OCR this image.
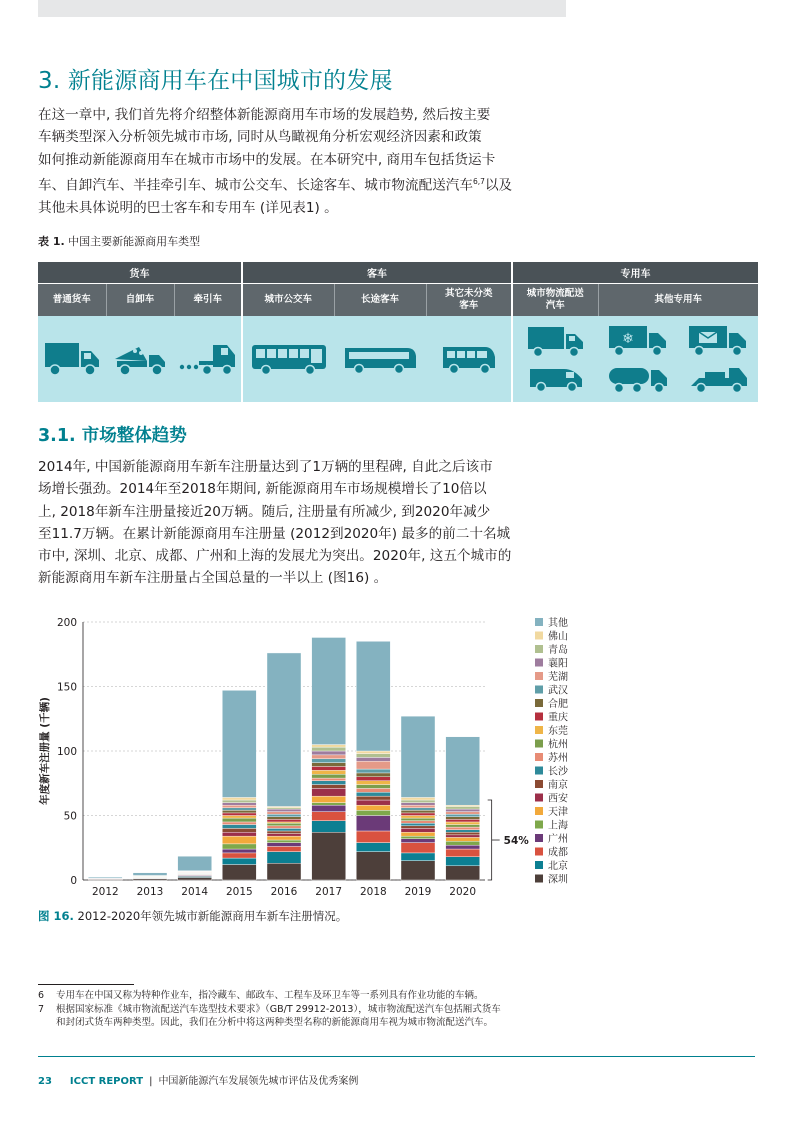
3. 新能源商用车在中国城市的发展
在这一章中, 我们首先将介绍整体新能源商用车市场的发展趋势, 然后按主要
车辆类型深入分析领先城市市场, 同时从鸟瞰视角分析宏观经济因素和政策
如何推动新能源商用车在城市市场中的发展。在本研究中, 商用车包括货运卡
车、自卸汽车、半挂牵引车、城市公交车、长途客车、城市物流配送汽车$^{6,7}$以及
其他未具体说明的巴士客车和专用车 (详见表1) 。
表 1. 中国主要新能源商用车类型
货车			客车			专用车	
普通货车	自卸车	牵引车	城市公交车	长途客车	其它未分类客车	城市物流配送汽车	其他专用车

❄
3.1. 市场整体趋势
2014年, 中国新能源商用车新车注册量达到了1万辆的里程碑, 自此之后该市
场增长强劲。2014年至2018年期间, 新能源商用车市场规模增长了10倍以
上, 2018年新车注册量接近20万辆。随后, 注册量有所减少, 到2020年减少
至11.7万辆。在累计新能源商用车注册量 (2012到2020年) 最多的前二十名城
市中, 深圳、北京、成都、广州和上海的发展尤为突出。2020年, 这五个城市的
新能源商用车新车注册量占全国总量的一半以上 (图16) 。
0
50
100
150
200
年度新车注册量 (千辆)
2012 2013 2014 2015 2016 2017 2018 2019 2020
54%
其他
佛山
青岛
襄阳
芜湖
武汉
合肥
重庆
东莞
杭州
苏州
长沙
南京
西安
天津
上海
广州
成都
北京
深圳
图 16. 2012-2020年领先城市新能源商用车新车注册情况。
6 专用车在中国又称为特种作业车，指冷藏车、邮政车、工程车及环卫车等一系列具有作业功能的车辆。
7 根据国家标准《城市物流配送汽车选型技术要求》（GB/T 29912-2013），城市物流配送汽车包括厢式货车
和封闭式货车两种类型。因此，我们在分析中将这两种类型名称的新能源商用车视为城市物流配送汽车。
23 ICCT REPORT | 中国新能源汽车发展领先城市评估及优秀案例
